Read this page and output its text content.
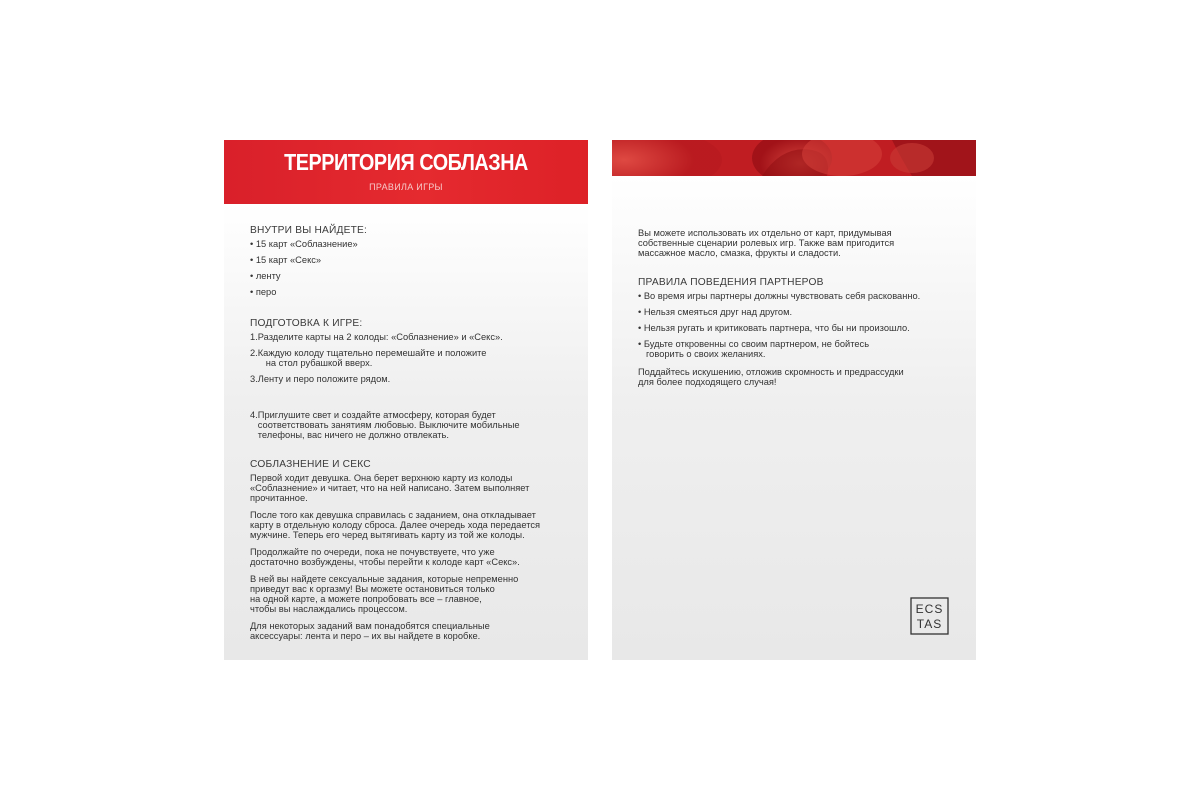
ТЕРРИТОРИЯ СОБЛАЗНА
ПРАВИЛА ИГРЫ
ВНУТРИ ВЫ НАЙДЕТЕ:
• 15 карт «Соблазнение»
• 15 карт «Секс»
• ленту
• перо
ПОДГОТОВКА К ИГРЕ:
1. Разделите карты на 2 колоды: «Соблазнение» и «Секс».
2. Каждую колоду тщательно перемешайте и положите
на стол рубашкой вверх.
3. Ленту и перо положите рядом.
4. Приглушите свет и создайте атмосферу, которая будет
соответствовать занятиям любовью. Выключите мобильные
телефоны, вас ничего не должно отвлекать.
СОБЛАЗНЕНИЕ И СЕКС
Первой ходит девушка. Она берет верхнюю карту из колоды
«Соблазнение» и читает, что на ней написано. Затем выполняет
прочитанное.
После того как девушка справилась с заданием, она откладывает
карту в отдельную колоду сброса. Далее очередь хода передается
мужчине. Теперь его черед вытягивать карту из той же колоды.
Продолжайте по очереди, пока не почувствуете, что уже
достаточно возбуждены, чтобы перейти к колоде карт «Секс».
В ней вы найдете сексуальные задания, которые непременно
приведут вас к оргазму! Вы можете остановиться только
на одной карте, а можете попробовать все – главное,
чтобы вы наслаждались процессом.
Для некоторых заданий вам понадобятся специальные
аксессуары: лента и перо – их вы найдете в коробке.
Вы можете использовать их отдельно от карт, придумывая
собственные сценарии ролевых игр. Также вам пригодится
массажное масло, смазка, фрукты и сладости.
ПРАВИЛА ПОВЕДЕНИЯ ПАРТНЕРОВ
• Во время игры партнеры должны чувствовать себя раскованно.
• Нельзя смеяться друг над другом.
• Нельзя ругать и критиковать партнера, что бы ни произошло.
• Будьте откровенны со своим партнером, не бойтесь
говорить о своих желаниях.
Поддайтесь искушению, отложив скромность и предрассудки
для более подходящего случая!
ECS
TAS
